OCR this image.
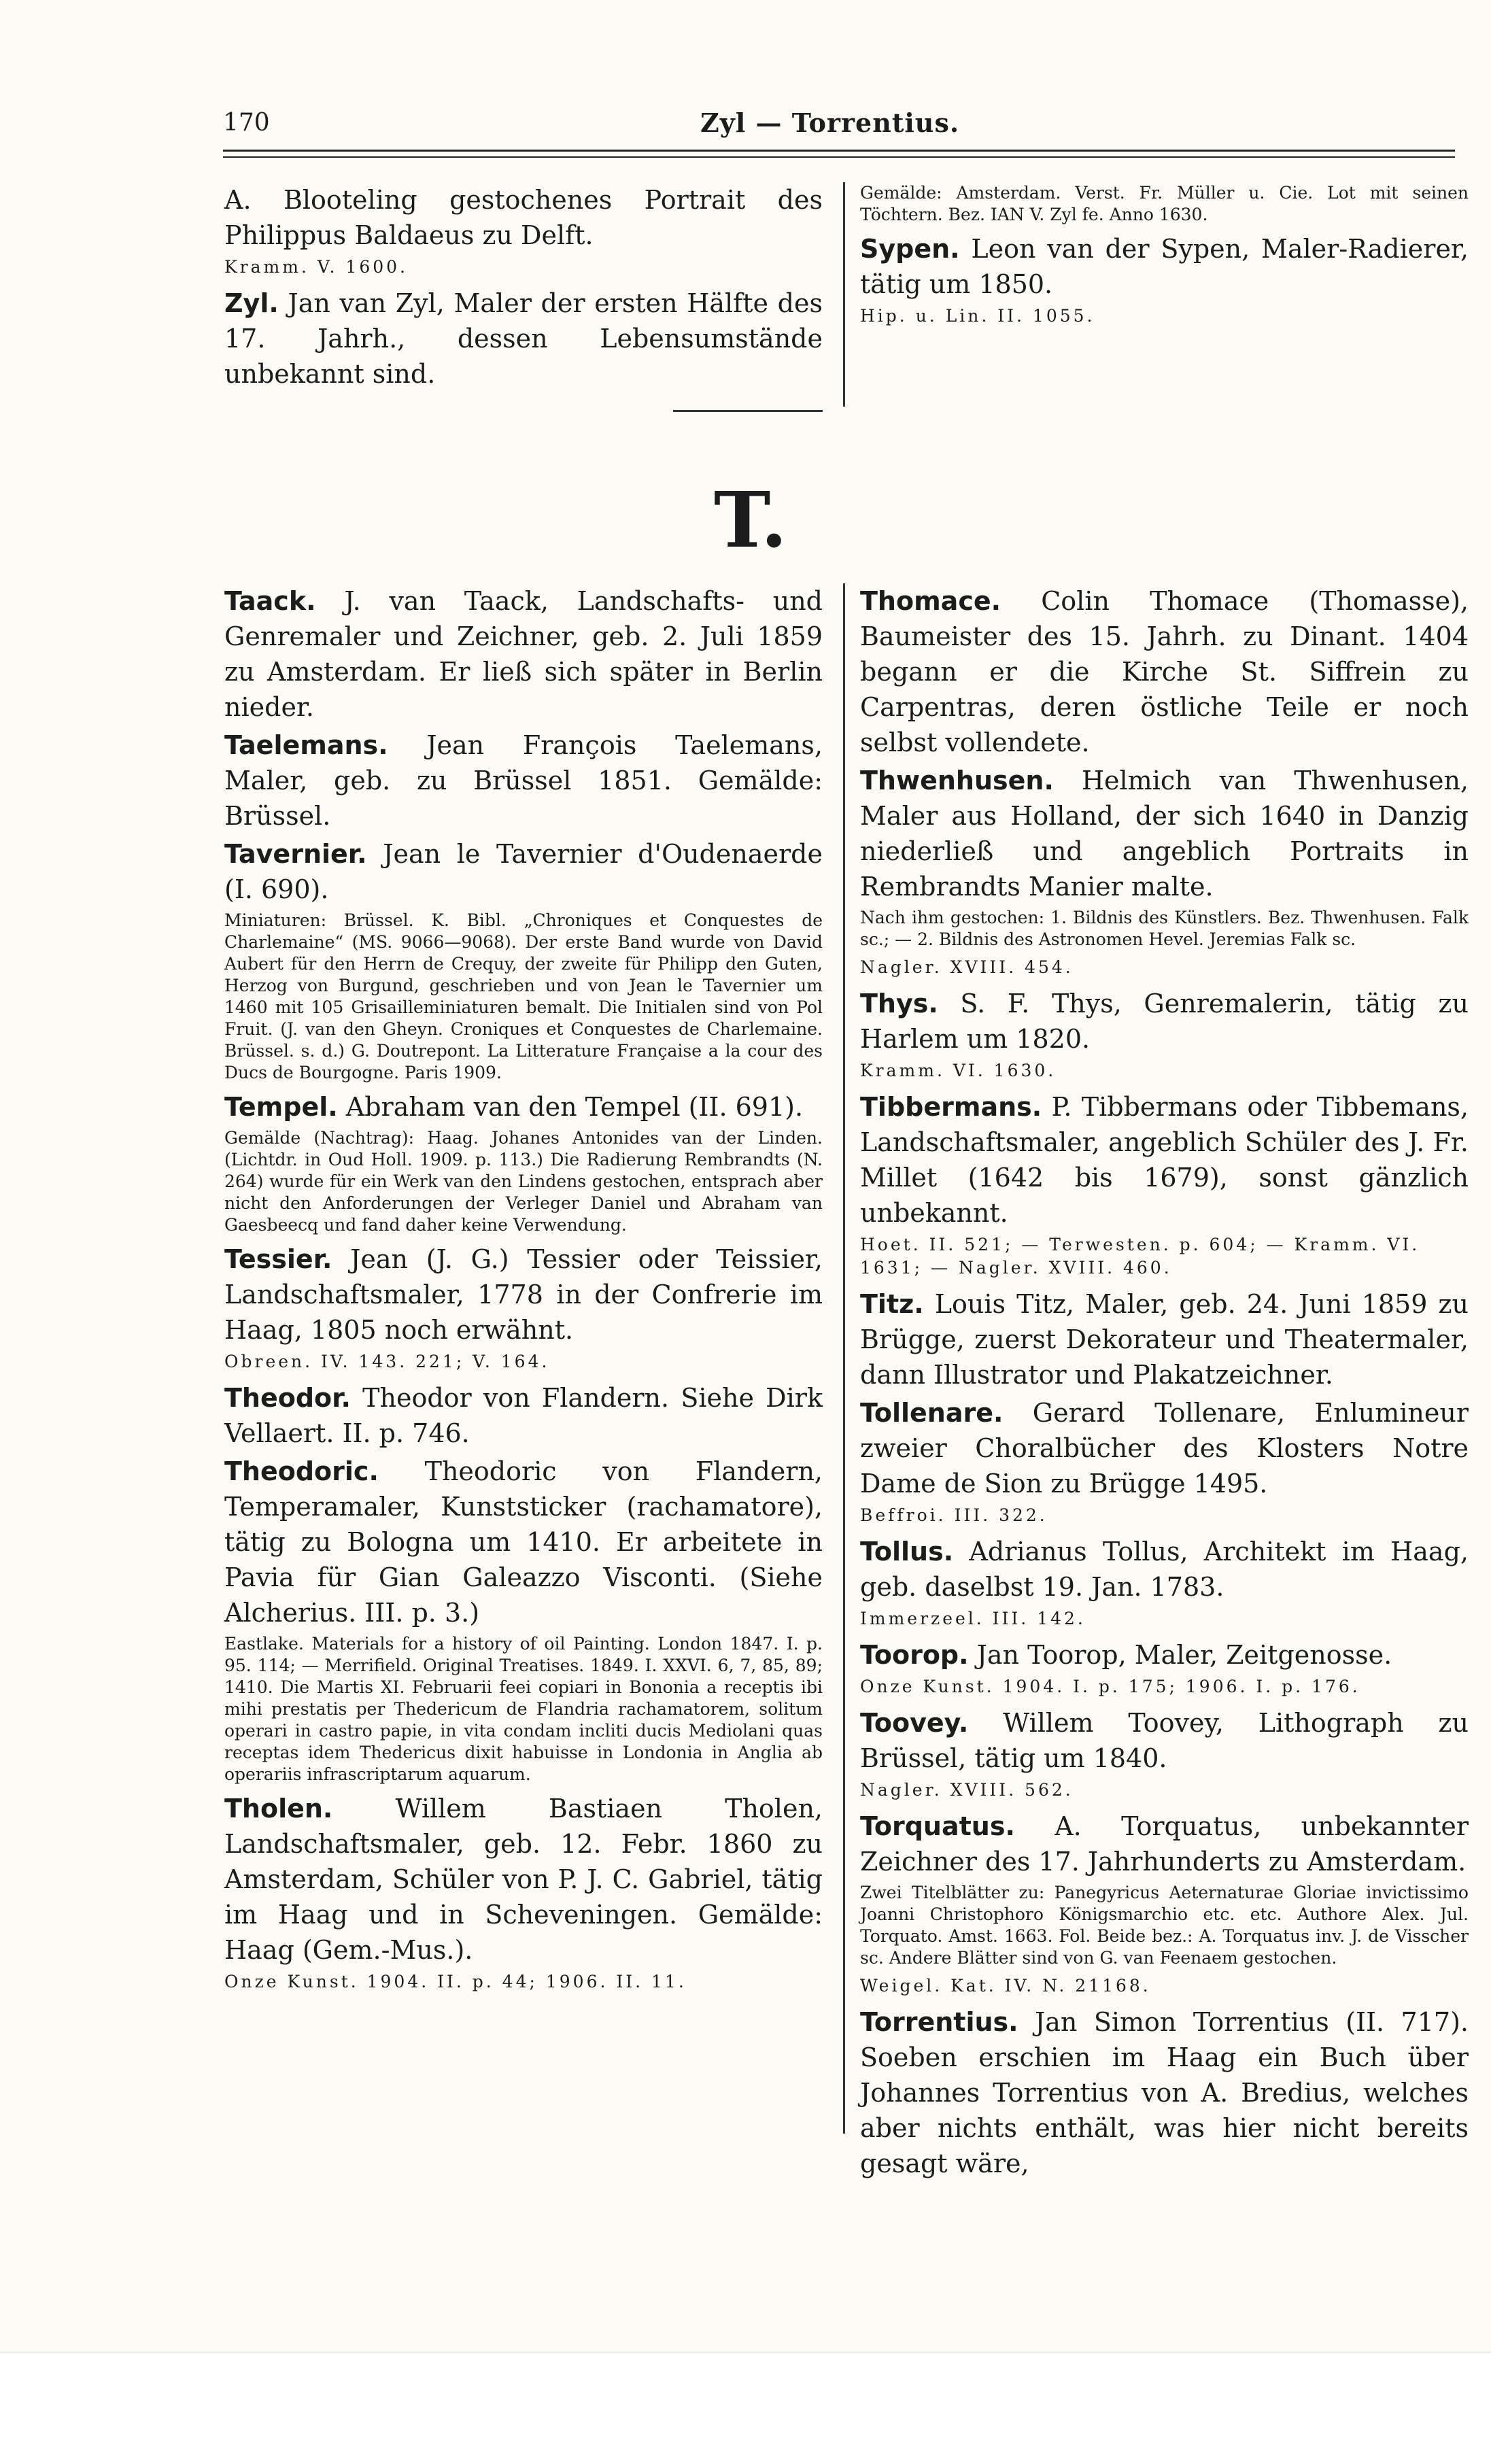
170	Zyl — Torrentius.

A. Blooteling gestochenes Portrait des Philippus Baldaeus zu Delft.

Kramm. V. 1600.

Zyl. Jan van Zyl, Maler der ersten Hälfte des 17. Jahrh., dessen Lebensumstände unbekannt sind.

Gemälde: Amsterdam. Verst. Fr. Müller u. Cie. Lot mit seinen Töchtern. Bez. IAN V. Zyl fe. Anno 1630.

Sypen. Leon van der Sypen, Maler-Radierer, tätig um 1850.

Hip. u. Lin. II. 1055.

T.

Taack. J. van Taack, Landschafts- und Genremaler und Zeichner, geb. 2. Juli 1859 zu Amsterdam. Er ließ sich später in Berlin nieder.

Taelemans. Jean François Taelemans, Maler, geb. zu Brüssel 1851. Gemälde: Brüssel.

Tavernier. Jean le Tavernier d'Oudenaerde (I. 690).

Miniaturen: Brüssel. K. Bibl. „Chroniques et Conquestes de Charlemaine“ (MS. 9066—9068). Der erste Band wurde von David Aubert für den Herrn de Crequy, der zweite für Philipp den Guten, Herzog von Burgund, geschrieben und von Jean le Tavernier um 1460 mit 105 Grisailleminiaturen bemalt. Die Initialen sind von Pol Fruit. (J. van den Gheyn. Croniques et Conquestes de Charlemaine. Brüssel. s. d.) G. Doutrepont. La Litterature Française a la cour des Ducs de Bourgogne. Paris 1909.

Tempel. Abraham van den Tempel (II. 691).

Gemälde (Nachtrag): Haag. Johanes Antonides van der Linden. (Lichtdr. in Oud Holl. 1909. p. 113.) Die Radierung Rembrandts (N. 264) wurde für ein Werk van den Lindens gestochen, entsprach aber nicht den Anforderungen der Verleger Daniel und Abraham van Gaesbeecq und fand daher keine Verwendung.

Tessier. Jean (J. G.) Tessier oder Teissier, Landschaftsmaler, 1778 in der Confrerie im Haag, 1805 noch erwähnt.

Obreen. IV. 143. 221; V. 164.

Theodor. Theodor von Flandern. Siehe Dirk Vellaert. II. p. 746.

Theodoric. Theodoric von Flandern, Temperamaler, Kunststicker (rachamatore), tätig zu Bologna um 1410. Er arbeitete in Pavia für Gian Galeazzo Visconti. (Siehe Alcherius. III. p. 3.)

Eastlake. Materials for a history of oil Painting. London 1847. I. p. 95. 114; — Merrifield. Original Treatises. 1849. I. XXVI. 6, 7, 85, 89; 1410. Die Martis XI. Februarii feei copiari in Bononia a receptis ibi mihi prestatis per Thedericum de Flandria rachamatorem, solitum operari in castro papie, in vita condam incliti ducis Mediolani quas receptas idem Thedericus dixit habuisse in Londonia in Anglia ab operariis infrascriptarum aquarum.

Tholen. Willem Bastiaen Tholen, Landschaftsmaler, geb. 12. Febr. 1860 zu Amsterdam, Schüler von P. J. C. Gabriel, tätig im Haag und in Scheveningen. Gemälde: Haag (Gem.-Mus.).

Onze Kunst. 1904. II. p. 44; 1906. II. 11.

Thomace. Colin Thomace (Thomasse), Baumeister des 15. Jahrh. zu Dinant. 1404 begann er die Kirche St. Siffrein zu Carpentras, deren östliche Teile er noch selbst vollendete.

Thwenhusen. Helmich van Thwenhusen, Maler aus Holland, der sich 1640 in Danzig niederließ und angeblich Portraits in Rembrandts Manier malte.

Nach ihm gestochen: 1. Bildnis des Künstlers. Bez. Thwenhusen. Falk sc.; — 2. Bildnis des Astronomen Hevel. Jeremias Falk sc.

Nagler. XVIII. 454.

Thys. S. F. Thys, Genremalerin, tätig zu Harlem um 1820.

Kramm. VI. 1630.

Tibbermans. P. Tibbermans oder Tibbemans, Landschaftsmaler, angeblich Schüler des J. Fr. Millet (1642 bis 1679), sonst gänzlich unbekannt.

Hoet. II. 521; — Terwesten. p. 604; — Kramm. VI. 1631; — Nagler. XVIII. 460.

Titz. Louis Titz, Maler, geb. 24. Juni 1859 zu Brügge, zuerst Dekorateur und Theatermaler, dann Illustrator und Plakatzeichner.

Tollenare. Gerard Tollenare, Enlumineur zweier Choralbücher des Klosters Notre Dame de Sion zu Brügge 1495.

Beffroi. III. 322.

Tollus. Adrianus Tollus, Architekt im Haag, geb. daselbst 19. Jan. 1783.

Immerzeel. III. 142.

Toorop. Jan Toorop, Maler, Zeitgenosse.

Onze Kunst. 1904. I. p. 175; 1906. I. p. 176.

Toovey. Willem Toovey, Lithograph zu Brüssel, tätig um 1840.

Nagler. XVIII. 562.

Torquatus. A. Torquatus, unbekannter Zeichner des 17. Jahrhunderts zu Amsterdam.

Zwei Titelblätter zu: Panegyricus Aeternaturae Gloriae invictissimo Joanni Christophoro Königsmarchio etc. etc. Authore Alex. Jul. Torquato. Amst. 1663. Fol. Beide bez.: A. Torquatus inv. J. de Visscher sc. Andere Blätter sind von G. van Feenaem gestochen.

Weigel. Kat. IV. N. 21168.

Torrentius. Jan Simon Torrentius (II. 717). Soeben erschien im Haag ein Buch über Johannes Torrentius von A. Bredius, welches aber nichts enthält, was hier nicht bereits gesagt wäre,
